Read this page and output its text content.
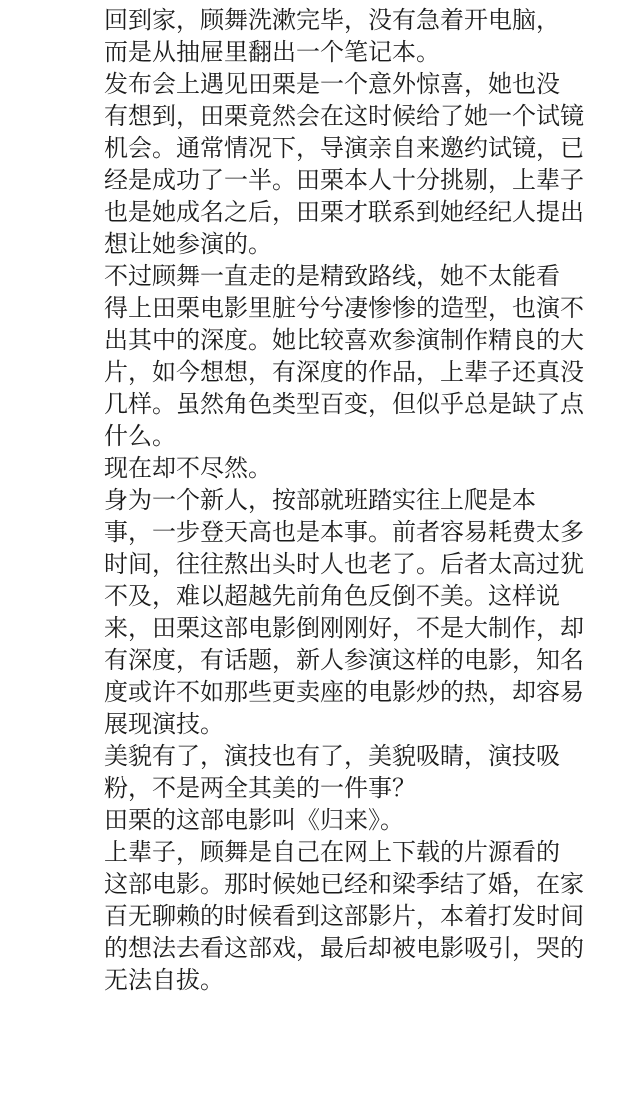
回到家，顾舞洗漱完毕，没有急着开电脑，
而是从抽屉里翻出一个笔记本。

发布会上遇见田栗是一个意外惊喜，她也没
有想到，田栗竟然会在这时候给了她一个试镜
机会。通常情况下，导演亲自来邀约试镜，已
经是成功了一半。田栗本人十分挑剔，上辈子
也是她成名之后，田栗才联系到她经纪人提出
想让她参演的。

不过顾舞一直走的是精致路线，她不太能看
得上田栗电影里脏兮兮凄惨惨的造型，也演不
出其中的深度。她比较喜欢参演制作精良的大
片，如今想想，有深度的作品，上辈子还真没
几样。虽然角色类型百变，但似乎总是缺了点
什么。

现在却不尽然。

身为一个新人，按部就班踏实往上爬是本
事，一步登天高也是本事。前者容易耗费太多
时间，往往熬出头时人也老了。后者太高过犹
不及，难以超越先前角色反倒不美。这样说
来，田栗这部电影倒刚刚好，不是大制作，却
有深度，有话题，新人参演这样的电影，知名
度或许不如那些更卖座的电影炒的热，却容易
展现演技。

美貌有了，演技也有了，美貌吸睛，演技吸
粉，不是两全其美的一件事？

田栗的这部电影叫《归来》。

上辈子，顾舞是自己在网上下载的片源看的
这部电影。那时候她已经和梁季结了婚，在家
百无聊赖的时候看到这部影片，本着打发时间
的想法去看这部戏，最后却被电影吸引，哭的
无法自拔。
